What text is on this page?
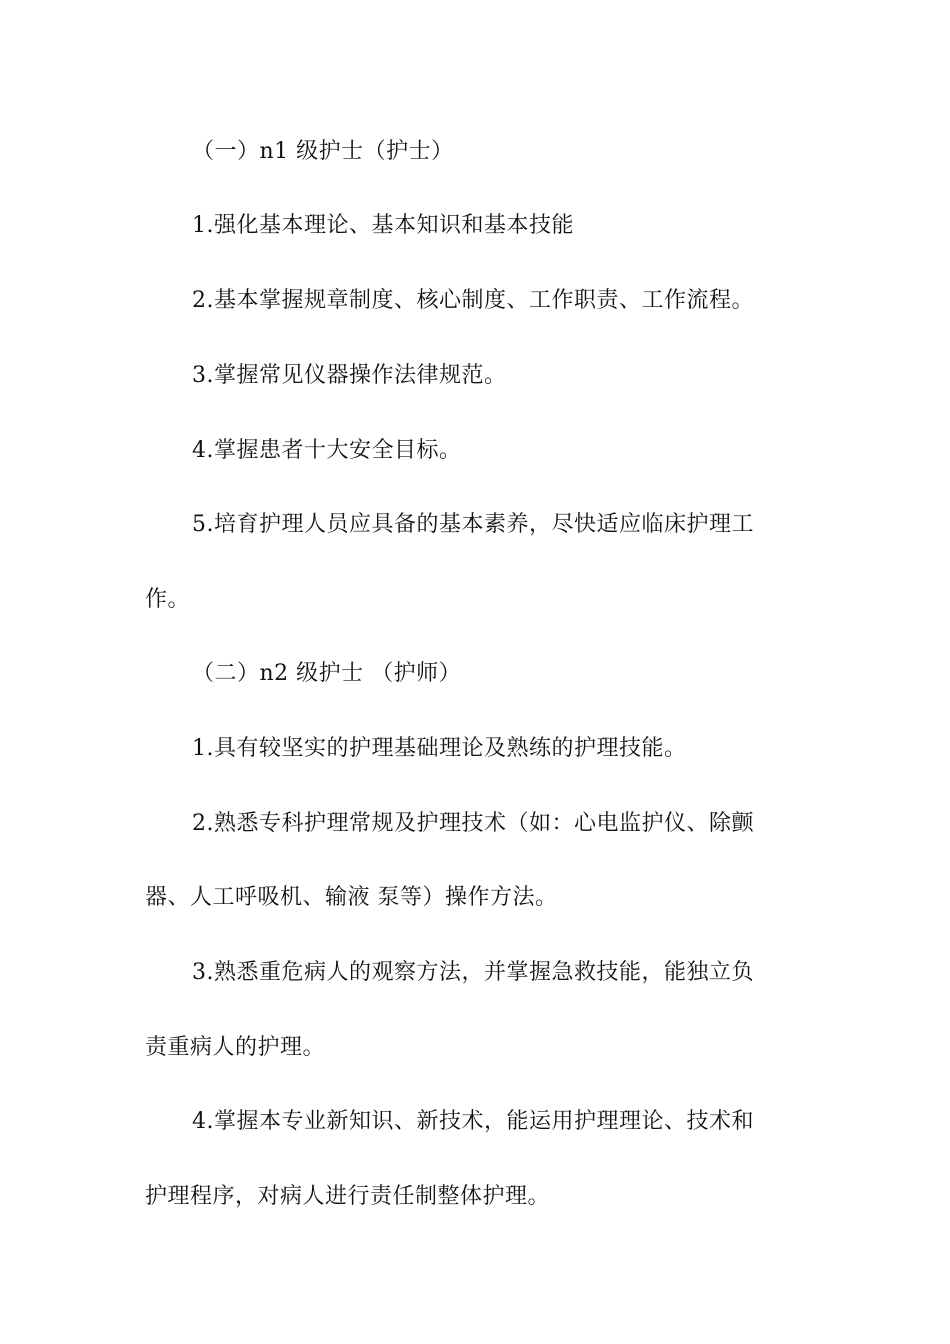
（一）n1 级护士（护士）
1.强化基本理论、基本知识和基本技能
2.基本掌握规章制度、核心制度、工作职责、工作流程。
3.掌握常见仪器操作法律规范。
4.掌握患者十大安全目标。
5.培育护理人员应具备的基本素养，尽快适应临床护理工
作。
（二）n2 级护士 （护师）
1.具有较坚实的护理基础理论及熟练的护理技能。
2.熟悉专科护理常规及护理技术（如：心电监护仪、除颤
器、人工呼吸机、输液 泵等）操作方法。
3.熟悉重危病人的观察方法，并掌握急救技能，能独立负
责重病人的护理。
4.掌握本专业新知识、新技术，能运用护理理论、技术和
护理程序，对病人进行责任制整体护理。
